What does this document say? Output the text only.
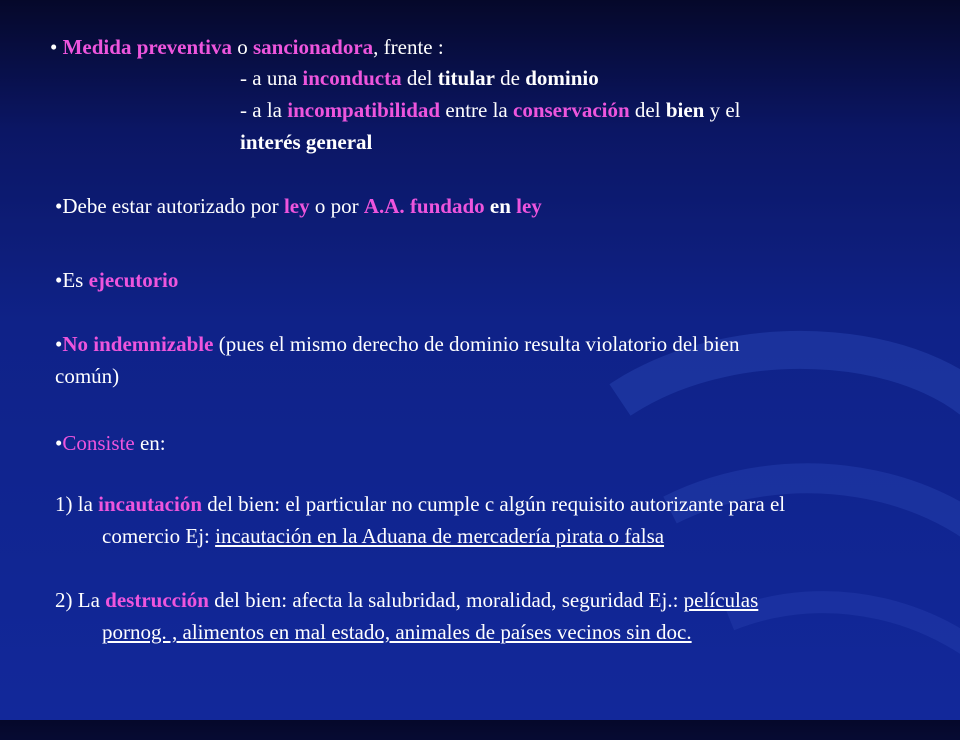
• Medida preventiva o sancionadora, frente :
- a una inconducta del titular de dominio
- a la incompatibilidad entre la conservación del bien y el
interés general
•Debe estar autorizado por ley o por A.A. fundado en ley
•Es ejecutorio
•No indemnizable (pues el mismo derecho de dominio resulta violatorio del bien
común)
•Consiste en:
1) la incautación del bien: el particular no cumple c algún requisito autorizante para el
comercio Ej: incautación en la Aduana de mercadería pirata o falsa
2) La destrucción del bien: afecta la salubridad, moralidad, seguridad Ej.: películas
pornog. , alimentos en mal estado, animales de países vecinos sin doc.
